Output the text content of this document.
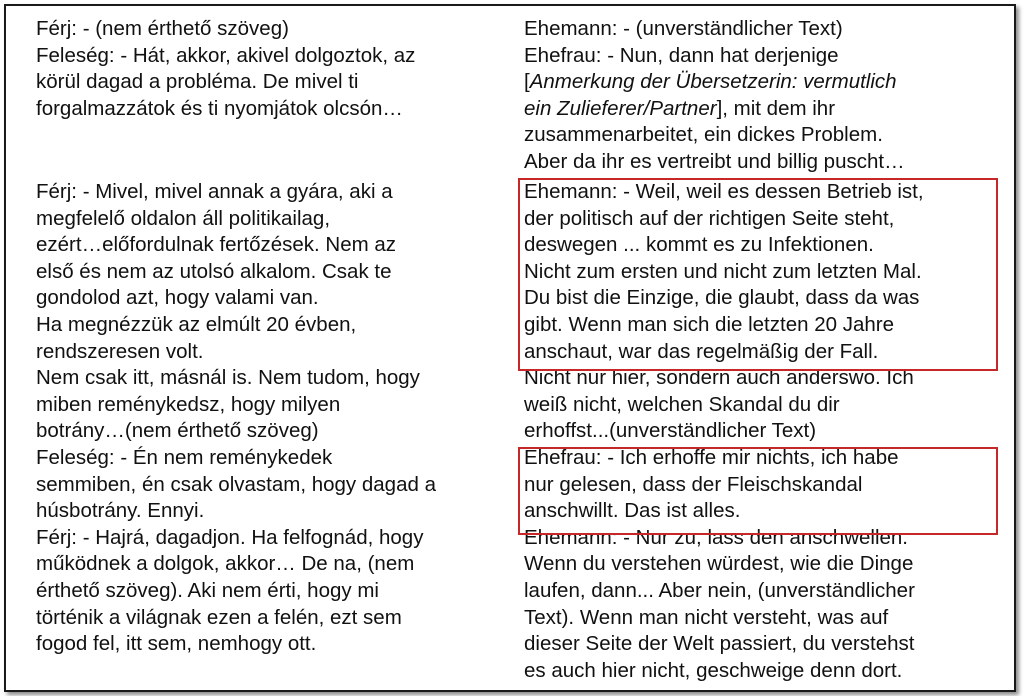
Férj: - (nem érthető szöveg)
Feleség: - Hát, akkor, akivel dolgoztok, az
körül dagad a probléma. De mivel ti
forgalmazzátok és ti nyomjátok olcsón…
Férj: - Mivel, mivel annak a gyára, aki a
megfelelő oldalon áll politikailag,
ezért…előfordulnak fertőzések. Nem az
első és nem az utolsó alkalom. Csak te
gondolod azt, hogy valami van.
Ha megnézzük az elmúlt 20 évben,
rendszeresen volt.
Nem csak itt, másnál is. Nem tudom, hogy
miben reménykedsz, hogy milyen
botrány…(nem érthető szöveg)
Feleség: - Én nem reménykedek
semmiben, én csak olvastam, hogy dagad a
húsbotrány. Ennyi.
Férj: - Hajrá, dagadjon. Ha felfognád, hogy
működnek a dolgok, akkor… De na, (nem
érthető szöveg). Aki nem érti, hogy mi
történik a világnak ezen a felén, ezt sem
fogod fel, itt sem, nemhogy ott.
Ehemann: - (unverständlicher Text)
Ehefrau: - Nun, dann hat derjenige
[Anmerkung der Übersetzerin: vermutlich
ein Zulieferer/Partner], mit dem ihr
zusammenarbeitet, ein dickes Problem.
Aber da ihr es vertreibt und billig puscht…
Ehemann: - Weil, weil es dessen Betrieb ist,
der politisch auf der richtigen Seite steht,
deswegen ... kommt es zu Infektionen.
Nicht zum ersten und nicht zum letzten Mal.
Du bist die Einzige, die glaubt, dass da was
gibt. Wenn man sich die letzten 20 Jahre
anschaut, war das regelmäßig der Fall.
Nicht nur hier, sondern auch anderswo. Ich
weiß nicht, welchen Skandal du dir
erhoffst...(unverständlicher Text)
Ehefrau: - Ich erhoffe mir nichts, ich habe
nur gelesen, dass der Fleischskandal
anschwillt. Das ist alles.
Ehemann: - Nur zu, lass den anschwellen.
Wenn du verstehen würdest, wie die Dinge
laufen, dann... Aber nein, (unverständlicher
Text). Wenn man nicht versteht, was auf
dieser Seite der Welt passiert, du verstehst
es auch hier nicht, geschweige denn dort.
